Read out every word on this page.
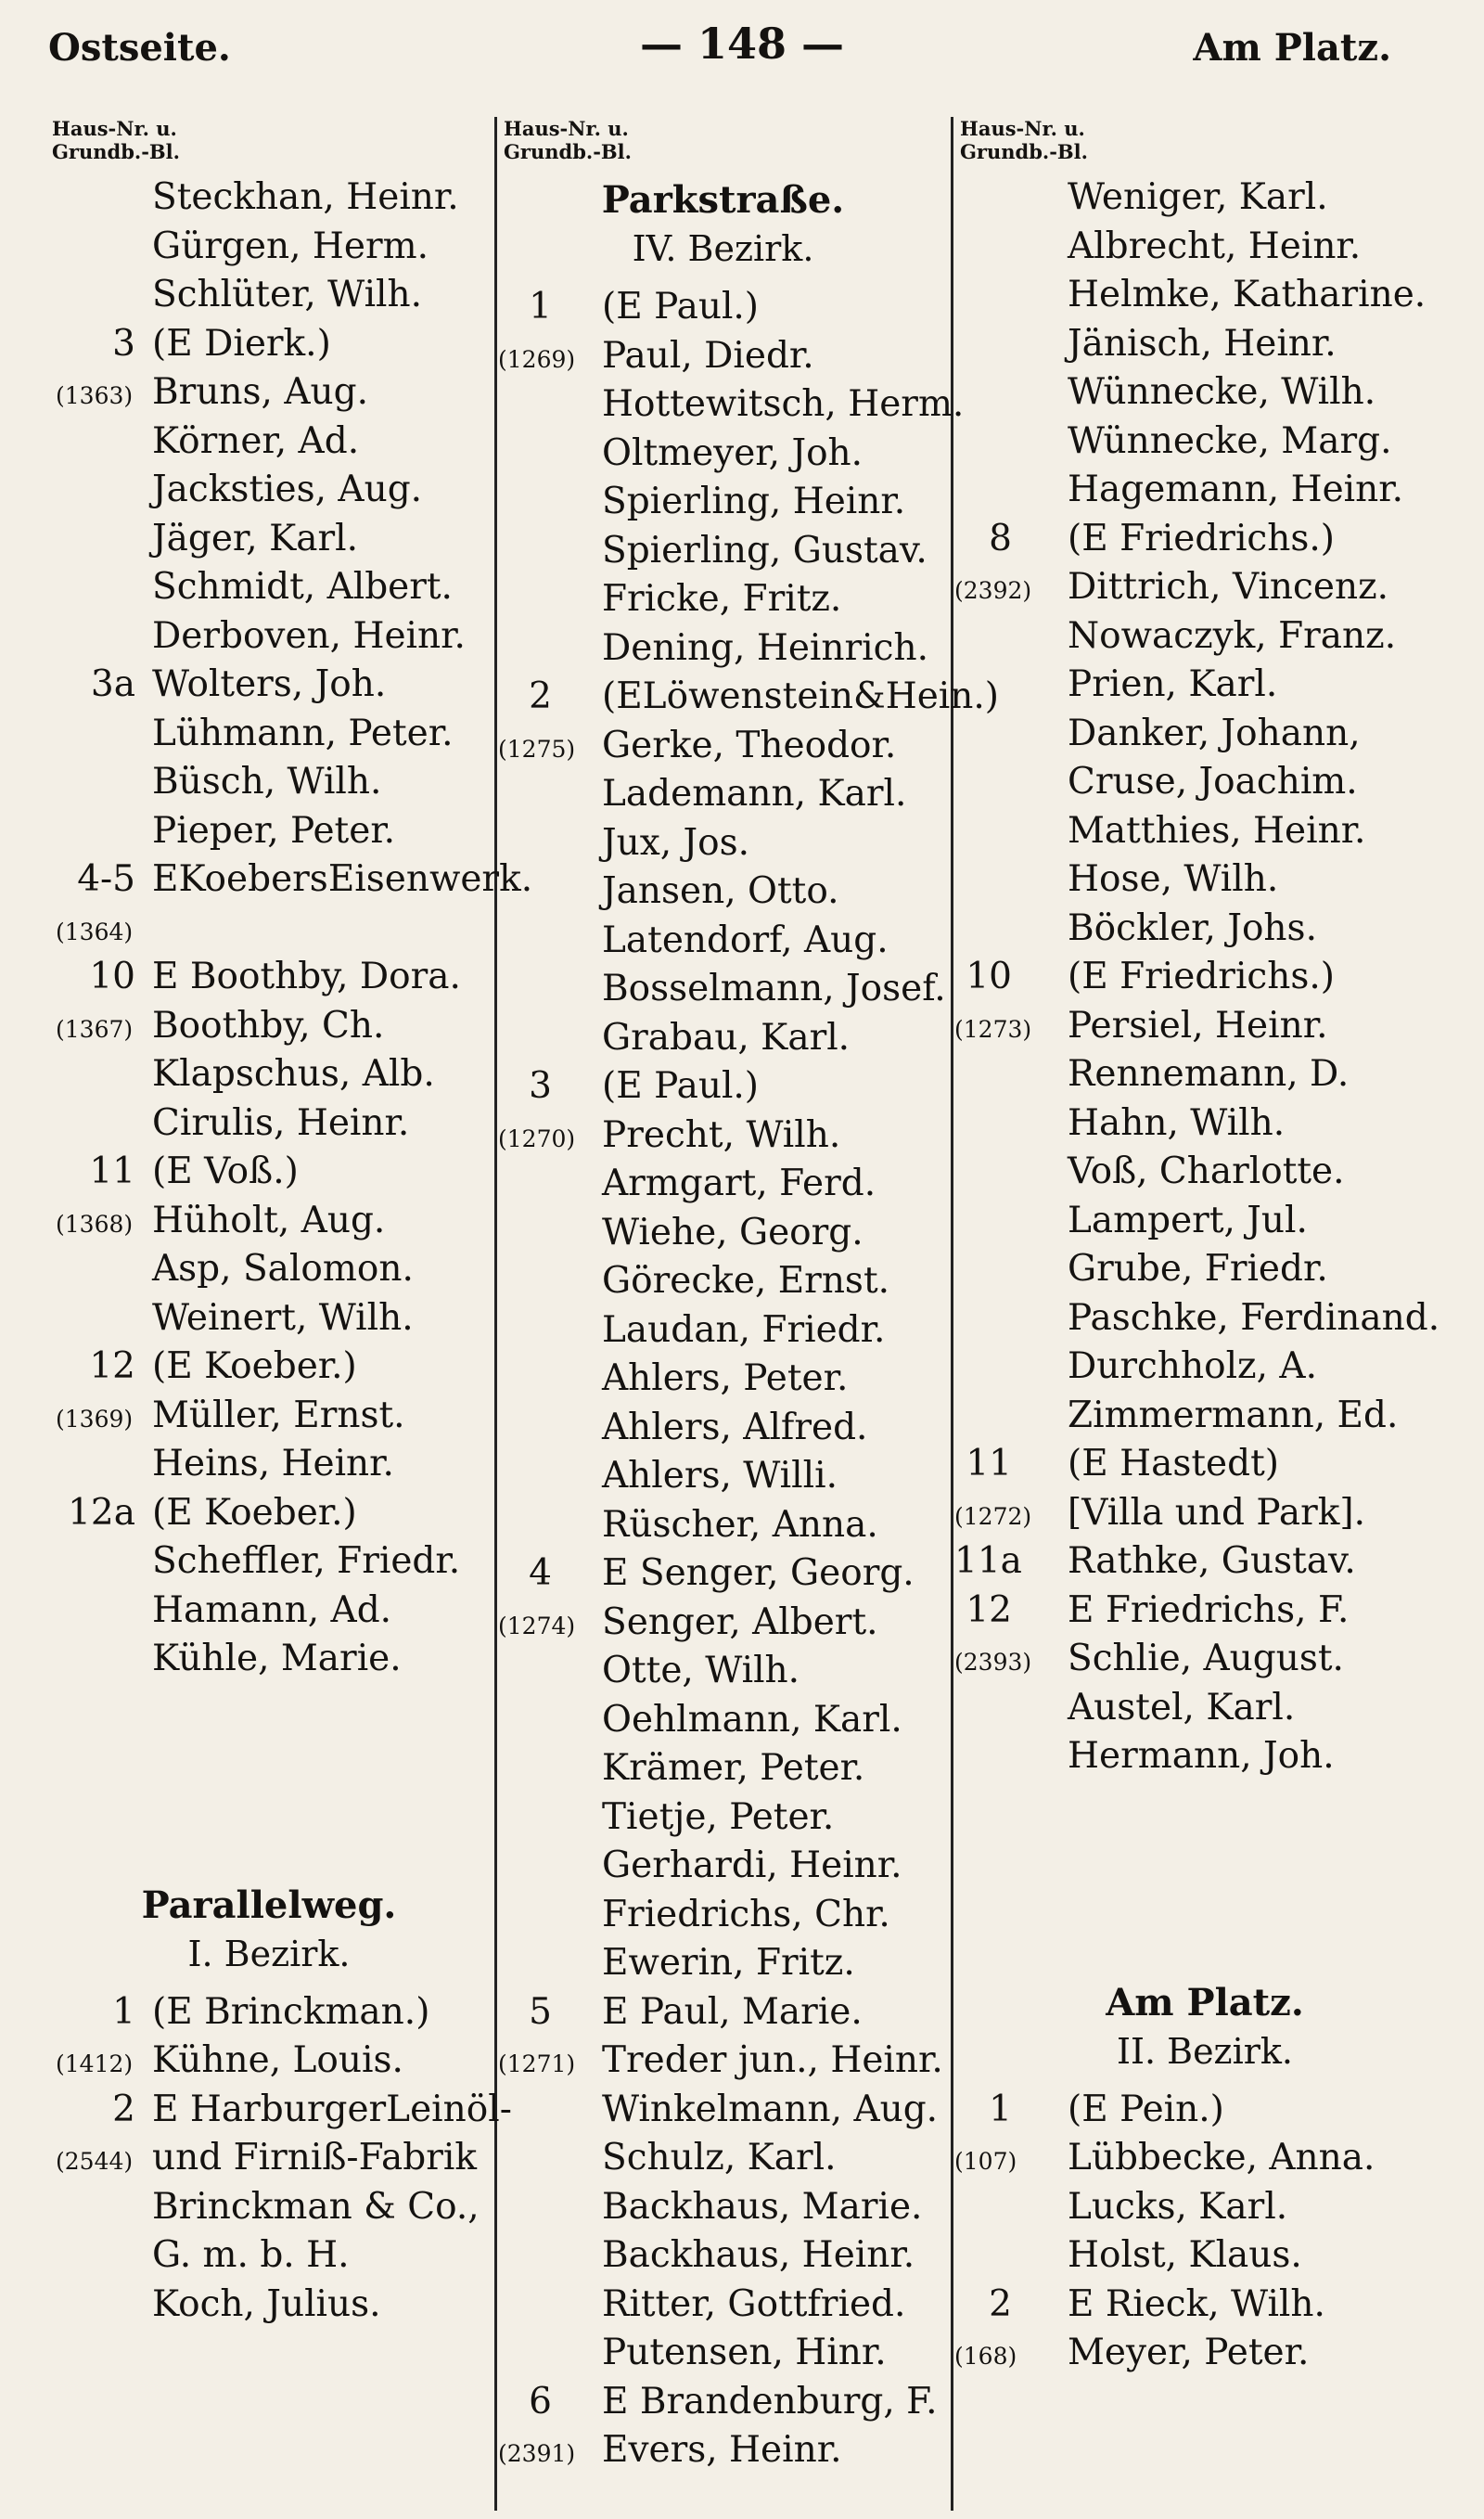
Ostseite.	— 148 —	Am Platz.
Haus-Nr. u.
Grundb.-Bl.
Steckhan, Heinr.
Gürgen, Herm.
Schlüter, Wilh.
3 (E Dierk.)
(1363) Bruns, Aug.
Körner, Ad.
Jacksties, Aug.
Jäger, Karl.
Schmidt, Albert.
Derboven, Heinr.
3a Wolters, Joh.
Lühmann, Peter.
Büsch, Wilh.
Pieper, Peter.
4-5 EKoebersEisenwerk.
(1364)
10 E Boothby, Dora.
(1367) Boothby, Ch.
Klapschus, Alb.
Cirulis, Heinr.
11 (E Voß.)
(1368) Hüholt, Aug.
Asp, Salomon.
Weinert, Wilh.
12 (E Koeber.)
(1369) Müller, Ernst.
Heins, Heinr.
12a (E Koeber.)
Scheffler, Friedr.
Hamann, Ad.
Kühle, Marie.
Parallelweg.
I. Bezirk.
1 (E Brinckman.)
(1412) Kühne, Louis.
2 E HarburgerLeinöl-
(2544) und Firniß-Fabrik
Brinckman & Co.,
G. m. b. H.
Koch, Julius.
Haus-Nr. u.
Grundb.-Bl.
Parkstraße.
IV. Bezirk.
1 (E Paul.)
(1269) Paul, Diedr.
Hottewitsch, Herm.
Oltmeyer, Joh.
Spierling, Heinr.
Spierling, Gustav.
Fricke, Fritz.
Dening, Heinrich.
2 (ELöwenstein&Hein.)
(1275) Gerke, Theodor.
Lademann, Karl.
Jux, Jos.
Jansen, Otto.
Latendorf, Aug.
Bosselmann, Josef.
Grabau, Karl.
3 (E Paul.)
(1270) Precht, Wilh.
Armgart, Ferd.
Wiehe, Georg.
Görecke, Ernst.
Laudan, Friedr.
Ahlers, Peter.
Ahlers, Alfred.
Ahlers, Willi.
Rüscher, Anna.
4 E Senger, Georg.
(1274) Senger, Albert.
Otte, Wilh.
Oehlmann, Karl.
Krämer, Peter.
Tietje, Peter.
Gerhardi, Heinr.
Friedrichs, Chr.
Ewerin, Fritz.
5 E Paul, Marie.
(1271) Treder jun., Heinr.
Winkelmann, Aug.
Schulz, Karl.
Backhaus, Marie.
Backhaus, Heinr.
Ritter, Gottfried.
Putensen, Hinr.
6 E Brandenburg, F.
(2391) Evers, Heinr.
Haus-Nr. u.
Grundb.-Bl.
Weniger, Karl.
Albrecht, Heinr.
Helmke, Katharine.
Jänisch, Heinr.
Wünnecke, Wilh.
Wünnecke, Marg.
Hagemann, Heinr.
8 (E Friedrichs.)
(2392) Dittrich, Vincenz.
Nowaczyk, Franz.
Prien, Karl.
Danker, Johann,
Cruse, Joachim.
Matthies, Heinr.
Hose, Wilh.
Böckler, Johs.
10 (E Friedrichs.)
(1273) Persiel, Heinr.
Rennemann, D.
Hahn, Wilh.
Voß, Charlotte.
Lampert, Jul.
Grube, Friedr.
Paschke, Ferdinand.
Durchholz, A.
Zimmermann, Ed.
11 (E Hastedt)
(1272) [Villa und Park].
11a Rathke, Gustav.
12 E Friedrichs, F.
(2393) Schlie, August.
Austel, Karl.
Hermann, Joh.
Am Platz.
II. Bezirk.
1 (E Pein.)
(107) Lübbecke, Anna.
Lucks, Karl.
Holst, Klaus.
2 E Rieck, Wilh.
(168) Meyer, Peter.
